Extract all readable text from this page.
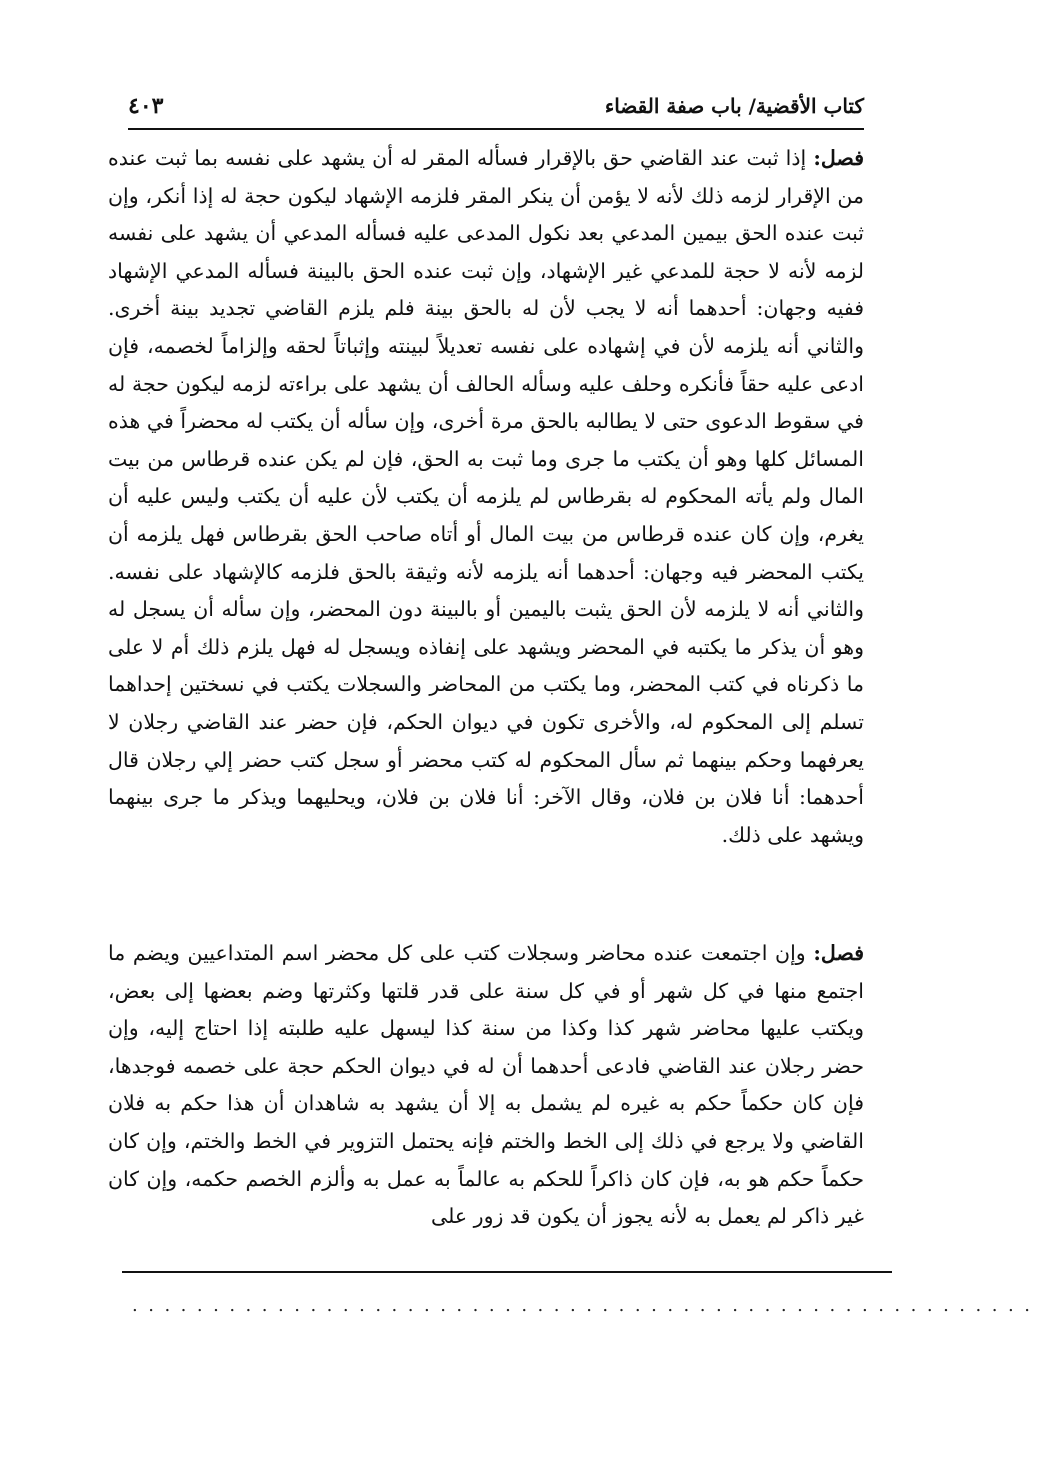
كتاب الأقضية/ باب صفة القضاء
٤٠٣

فصل: إذا ثبت عند القاضي حق بالإقرار فسأله المقر له أن يشهد على نفسه بما ثبت عنده من الإقرار لزمه ذلك لأنه لا يؤمن أن ينكر المقر فلزمه الإشهاد ليكون حجة له إذا أنكر، وإن ثبت عنده الحق بيمين المدعي بعد نكول المدعى عليه فسأله المدعي أن يشهد على نفسه لزمه لأنه لا حجة للمدعي غير الإشهاد، وإن ثبت عنده الحق بالبينة فسأله المدعي الإشهاد ففيه وجهان: أحدهما أنه لا يجب لأن له بالحق بينة فلم يلزم القاضي تجديد بينة أخرى. والثاني أنه يلزمه لأن في إشهاده على نفسه تعديلاً لبينته وإثباتاً لحقه وإلزاماً لخصمه، فإن ادعى عليه حقاً فأنكره وحلف عليه وسأله الحالف أن يشهد على براءته لزمه ليكون حجة له في سقوط الدعوى حتى لا يطالبه بالحق مرة أخرى، وإن سأله أن يكتب له محضراً في هذه المسائل كلها وهو أن يكتب ما جرى وما ثبت به الحق، فإن لم يكن عنده قرطاس من بيت المال ولم يأته المحكوم له بقرطاس لم يلزمه أن يكتب لأن عليه أن يكتب وليس عليه أن يغرم، وإن كان عنده قرطاس من بيت المال أو أتاه صاحب الحق بقرطاس فهل يلزمه أن يكتب المحضر فيه وجهان: أحدهما أنه يلزمه لأنه وثيقة بالحق فلزمه كالإشهاد على نفسه. والثاني أنه لا يلزمه لأن الحق يثبت باليمين أو بالبينة دون المحضر، وإن سأله أن يسجل له وهو أن يذكر ما يكتبه في المحضر ويشهد على إنفاذه ويسجل له فهل يلزم ذلك أم لا على ما ذكرناه في كتب المحضر، وما يكتب من المحاضر والسجلات يكتب في نسختين إحداهما تسلم إلى المحكوم له، والأخرى تكون في ديوان الحكم، فإن حضر عند القاضي رجلان لا يعرفهما وحكم بينهما ثم سأل المحكوم له كتب محضر أو سجل كتب حضر إلي رجلان قال أحدهما: أنا فلان بن فلان، وقال الآخر: أنا فلان بن فلان، ويحليهما ويذكر ما جرى بينهما ويشهد على ذلك.

فصل: وإن اجتمعت عنده محاضر وسجلات كتب على كل محضر اسم المتداعيين ويضم ما اجتمع منها في كل شهر أو في كل سنة على قدر قلتها وكثرتها وضم بعضها إلى بعض، ويكتب عليها محاضر شهر كذا وكذا من سنة كذا ليسهل عليه طلبته إذا احتاج إليه، وإن حضر رجلان عند القاضي فادعى أحدهما أن له في ديوان الحكم حجة على خصمه فوجدها، فإن كان حكماً حكم به غيره لم يشمل به إلا أن يشهد به شاهدان أن هذا حكم به فلان القاضي ولا يرجع في ذلك إلى الخط والختم فإنه يحتمل التزوير في الخط والختم، وإن كان حكماً حكم هو به، فإن كان ذاكراً للحكم به عالماً به عمل به وألزم الخصم حكمه، وإن كان غير ذاكر لم يعمل به لأنه يجوز أن يكون قد زور على

........................................................
